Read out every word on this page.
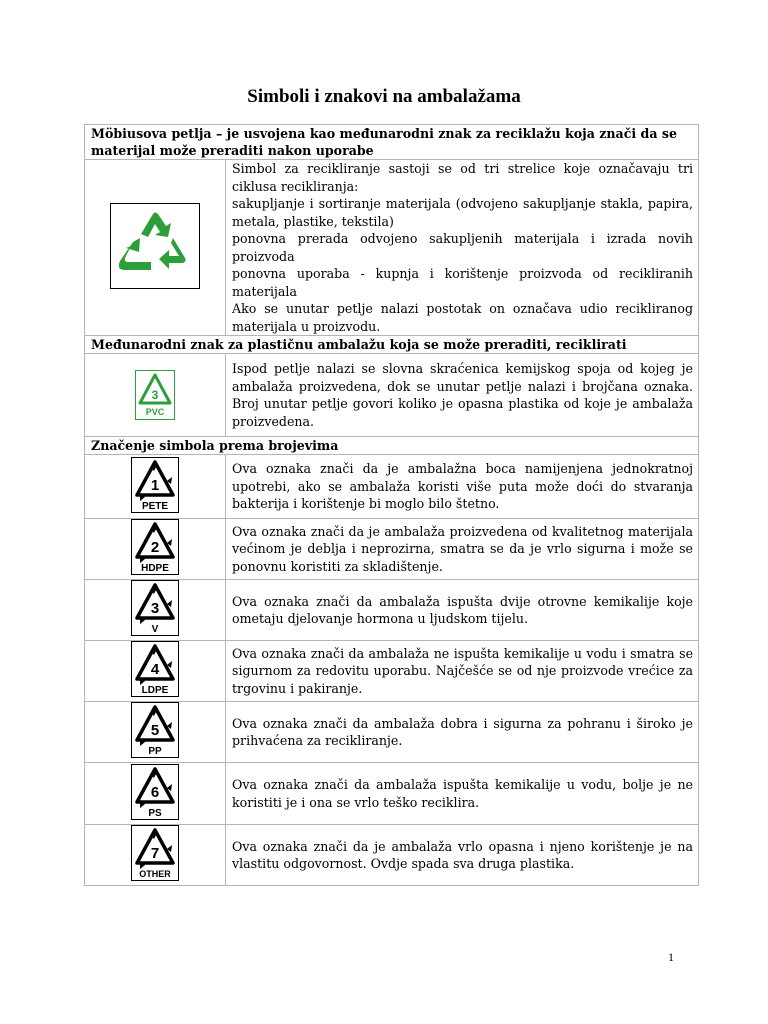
Simboli i znakovi na ambalažama
Möbiusova petlja – je usvojena kao međunarodni znak za reciklažu koja znači da se materijal može preraditi nakon uporabe	

Simbol za recikliranje sastoji se od tri strelice koje označavaju tri ciklusa recikliranja:
sakupljanje i sortiranje materijala (odvojeno sakupljanje stakla, papira, metala, plastike, tekstila)
ponovna prerada odvojeno sakupljenih materijala i izrada novih proizvoda
ponovna uporaba - kupnja i korištenje proizvoda od recikliranih materijala
Ako se unutar petlje nalazi postotak on označava udio recikliranog materijala u proizvodu.

Međunarodni znak za plastičnu ambalažu koja se može preraditi, reciklirati	

3
PVC	Ispod petlje nalazi se slovna skraćenica kemijskog spoja od kojeg je ambalaža proizvedena, dok se unutar petlje nalazi i brojčana oznaka. Broj unutar petlje govori koliko je opasna plastika od koje je ambalaža proizvedena.
Značenje simbola prema brojevima	

1
PETE	Ova oznaka znači da je ambalažna boca namijenjena jednokratnoj upotrebi, ako se ambalaža koristi više puta može doći do stvaranja bakterija i korištenje bi moglo bilo štetno.

2
HDPE	Ova oznaka znači da je ambalaža proizvedena od kvalitetnog materijala većinom je deblja i neprozirna, smatra se da je vrlo sigurna i može se ponovnu koristiti za skladištenje.

3
V	Ova oznaka znači da ambalaža ispušta dvije otrovne kemikalije koje ometaju djelovanje hormona u ljudskom tijelu.

4
LDPE	Ova oznaka znači da ambalaža ne ispušta kemikalije u vodu i smatra se sigurnom za redovitu uporabu. Najčešće se od nje proizvode vrećice za trgovinu i pakiranje.

5
PP	Ova oznaka znači da ambalaža dobra i sigurna za pohranu i široko je prihvaćena za recikliranje.

6
PS	Ova oznaka znači da ambalaža ispušta kemikalije u vodu, bolje je ne koristiti je i ona se vrlo teško reciklira.

7
OTHER	Ova oznaka znači da je ambalaža vrlo opasna i njeno korištenje je na vlastitu odgovornost. Ovdje spada sva druga plastika.
1
